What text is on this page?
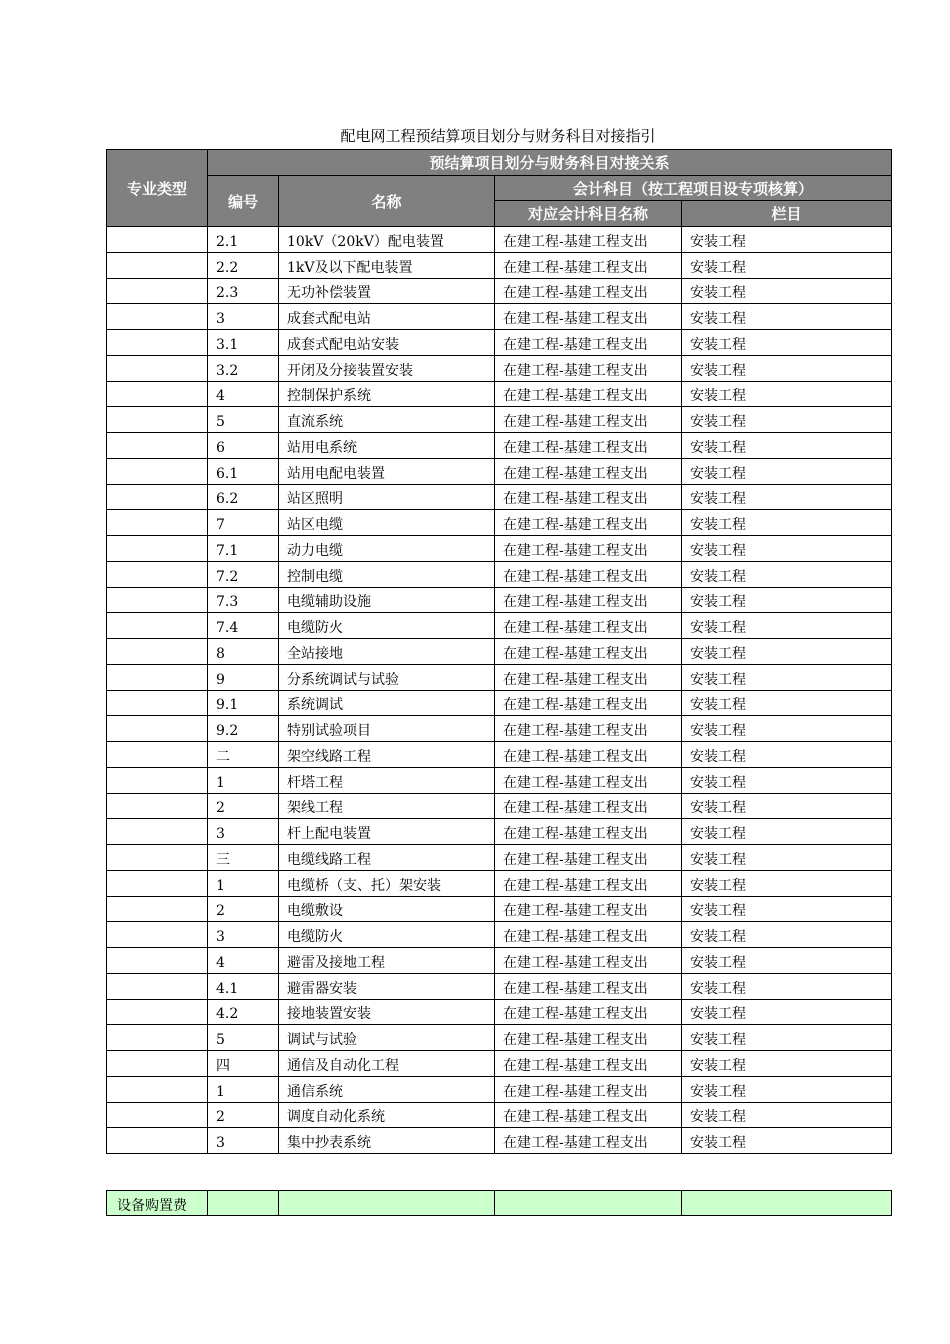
配电网工程预结算项目划分与财务科目对接指引
专业类型	预结算项目划分与财务科目对接关系			
	编号	名称	会计科目（按工程项目设专项核算）	
			对应会计科目名称	栏目
	2.1	10kV（20kV）配电装置	在建工程-基建工程支出	安装工程
	2.2	1kV及以下配电装置	在建工程-基建工程支出	安装工程
	2.3	无功补偿装置	在建工程-基建工程支出	安装工程
	3	成套式配电站	在建工程-基建工程支出	安装工程
	3.1	成套式配电站安装	在建工程-基建工程支出	安装工程
	3.2	开闭及分接装置安装	在建工程-基建工程支出	安装工程
	4	控制保护系统	在建工程-基建工程支出	安装工程
	5	直流系统	在建工程-基建工程支出	安装工程
	6	站用电系统	在建工程-基建工程支出	安装工程
	6.1	站用电配电装置	在建工程-基建工程支出	安装工程
	6.2	站区照明	在建工程-基建工程支出	安装工程
	7	站区电缆	在建工程-基建工程支出	安装工程
	7.1	动力电缆	在建工程-基建工程支出	安装工程
	7.2	控制电缆	在建工程-基建工程支出	安装工程
	7.3	电缆辅助设施	在建工程-基建工程支出	安装工程
	7.4	电缆防火	在建工程-基建工程支出	安装工程
	8	全站接地	在建工程-基建工程支出	安装工程
	9	分系统调试与试验	在建工程-基建工程支出	安装工程
	9.1	系统调试	在建工程-基建工程支出	安装工程
	9.2	特别试验项目	在建工程-基建工程支出	安装工程
	二	架空线路工程	在建工程-基建工程支出	安装工程
	1	杆塔工程	在建工程-基建工程支出	安装工程
	2	架线工程	在建工程-基建工程支出	安装工程
	3	杆上配电装置	在建工程-基建工程支出	安装工程
	三	电缆线路工程	在建工程-基建工程支出	安装工程
	1	电缆桥（支、托）架安装	在建工程-基建工程支出	安装工程
	2	电缆敷设	在建工程-基建工程支出	安装工程
	3	电缆防火	在建工程-基建工程支出	安装工程
	4	避雷及接地工程	在建工程-基建工程支出	安装工程
	4.1	避雷器安装	在建工程-基建工程支出	安装工程
	4.2	接地装置安装	在建工程-基建工程支出	安装工程
	5	调试与试验	在建工程-基建工程支出	安装工程
	四	通信及自动化工程	在建工程-基建工程支出	安装工程
	1	通信系统	在建工程-基建工程支出	安装工程
	2	调度自动化系统	在建工程-基建工程支出	安装工程
	3	集中抄表系统	在建工程-基建工程支出	安装工程
设备购置费				
